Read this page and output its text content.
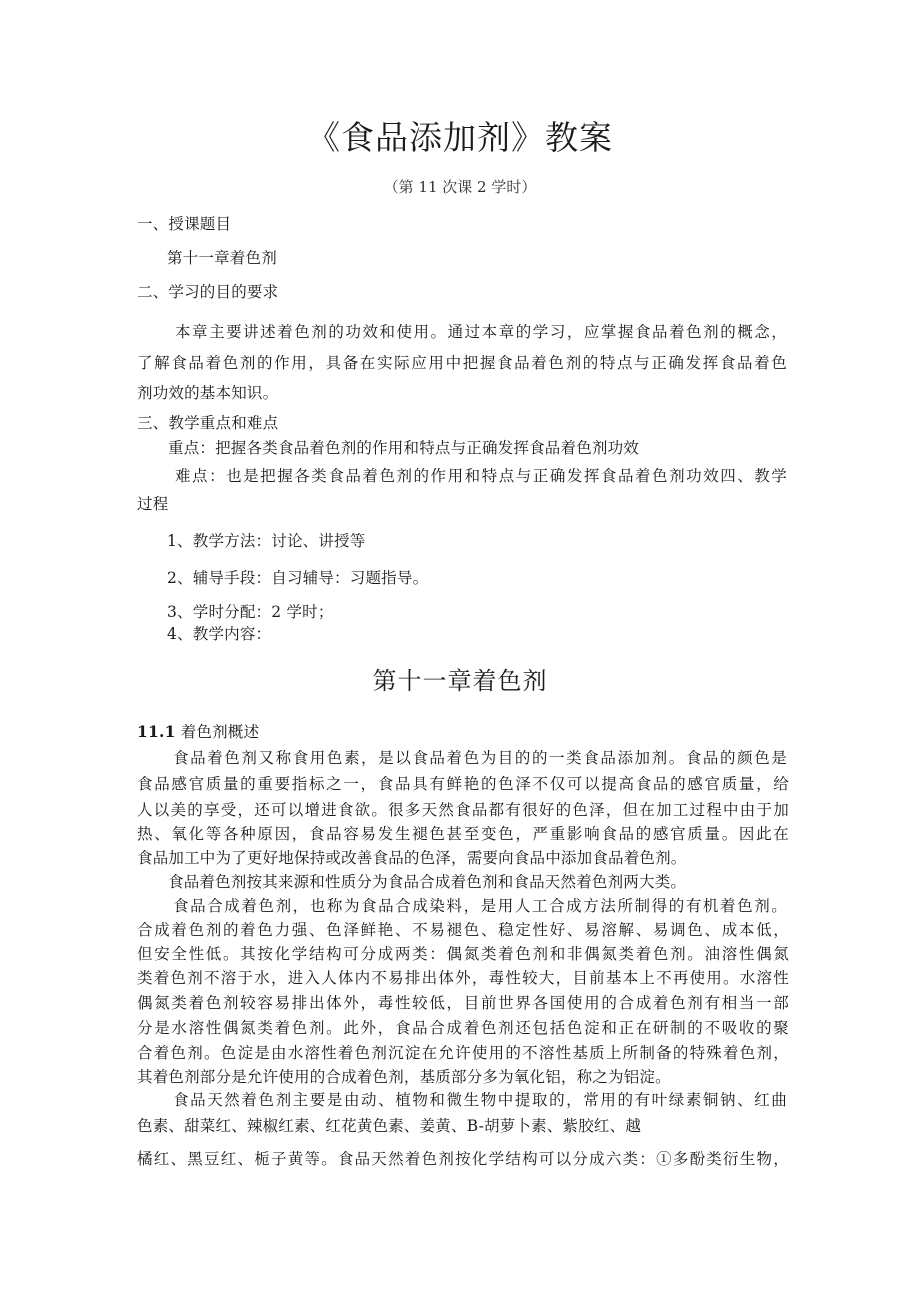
《食品添加剂》教案
（第 11 次课 2 学时）
一、授课题目
第十一章着色剂
二、学习的目的要求
本章主要讲述着色剂的功效和使用。通过本章的学习，应掌握食品着色剂的概念，
了解食品着色剂的作用，具备在实际应用中把握食品着色剂的特点与正确发挥食品着色
剂功效的基本知识。
三、教学重点和难点
重点：把握各类食品着色剂的作用和特点与正确发挥食品着色剂功效
难点：也是把握各类食品着色剂的作用和特点与正确发挥食品着色剂功效四、教学
过程
1、教学方法：讨论、讲授等
2、辅导手段：自习辅导：习题指导。
3、学时分配：2 学时；
4、教学内容：
第十一章着色剂
11.1 着色剂概述
食品着色剂又称食用色素，是以食品着色为目的的一类食品添加剂。食品的颜色是
食品感官质量的重要指标之一，食品具有鲜艳的色泽不仅可以提高食品的感官质量，给
人以美的享受，还可以增进食欲。很多天然食品都有很好的色泽，但在加工过程中由于加
热、氧化等各种原因，食品容易发生褪色甚至变色，严重影响食品的感官质量。因此在
食品加工中为了更好地保持或改善食品的色泽，需要向食品中添加食品着色剂。
食品着色剂按其来源和性质分为食品合成着色剂和食品天然着色剂两大类。
食品合成着色剂，也称为食品合成染料，是用人工合成方法所制得的有机着色剂。
合成着色剂的着色力强、色泽鲜艳、不易褪色、稳定性好、易溶解、易调色、成本低，
但安全性低。其按化学结构可分成两类：偶氮类着色剂和非偶氮类着色剂。油溶性偶氮
类着色剂不溶于水，进入人体内不易排出体外，毒性较大，目前基本上不再使用。水溶性
偶氮类着色剂较容易排出体外，毒性较低，目前世界各国使用的合成着色剂有相当一部
分是水溶性偶氮类着色剂。此外，食品合成着色剂还包括色淀和正在研制的不吸收的聚
合着色剂。色淀是由水溶性着色剂沉淀在允许使用的不溶性基质上所制备的特殊着色剂，
其着色剂部分是允许使用的合成着色剂，基质部分多为氧化铝，称之为铝淀。
食品天然着色剂主要是由动、植物和微生物中提取的，常用的有叶绿素铜钠、红曲
色素、甜菜红、辣椒红素、红花黄色素、姜黄、B-胡萝卜素、紫胶红、越
橘红、黑豆红、栀子黄等。食品天然着色剂按化学结构可以分成六类：①多酚类衍生物，
